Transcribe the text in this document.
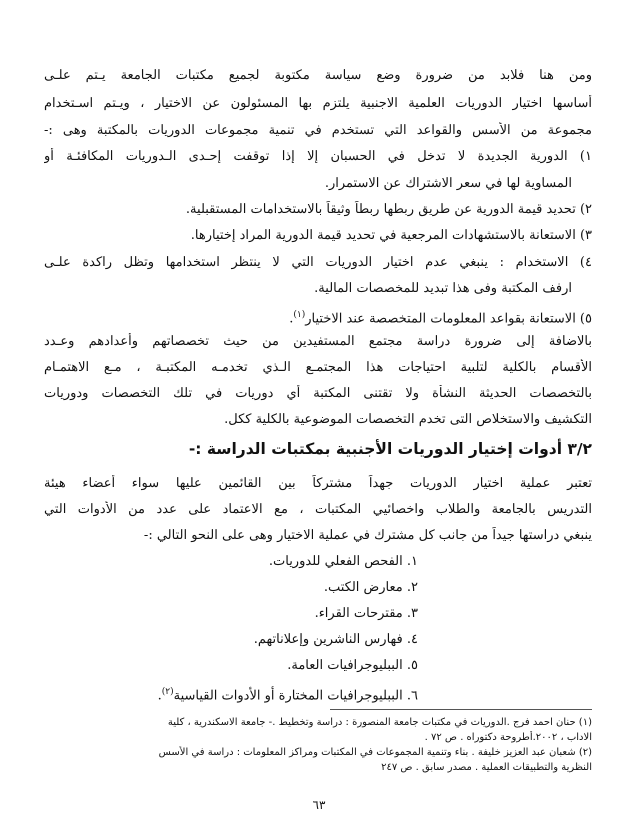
ومن هنا فلابد من ضرورة وضع سياسة مكتوبة لجميع مكتبات الجامعة يـتم علـى
أساسها اختيار الدوريات العلمية الاجنبية يلتزم بها المسئولون عن الاختيار ، ويـتم اسـتخدام
مجموعة من الأسس والقواعد التي تستخدم في تنمية مجموعات الدوريات بالمكتبة وهى :-
١) الدورية الجديدة لا تدخل في الحسبان إلا إذا توقفت إحـدى الـدوريات المكافئـة أو
المساوية لها في سعر الاشتراك عن الاستمرار.
٢) تحديد قيمة الدورية عن طريق ربطها ربطاً وثيقاً بالاستخدامات المستقبلية.
٣) الاستعانة بالاستشهادات المرجعية في تحديد قيمة الدورية المراد إختيارها.
٤) الاستخدام : ينبغي عدم اختيار الدوريات التي لا ينتظر استخدامها وتظل راكدة علـى
ارفف المكتبة وفى هذا تبديد للمخصصات المالية.
٥) الاستعانة بقواعد المعلومات المتخصصة عند الاختيار$^{(١)}$.
بالاضافة إلى ضرورة دراسة مجتمع المستفيدين من حيث تخصصاتهم وأعدادهم وعـدد
الأقسام بالكلية لتلبية احتياجات هذا المجتمـع الـذي تخدمـه المكتبـة ، مـع الاهتمـام
بالتخصصات الحديثة النشأة ولا تقتنى المكتبة أي دوريات في تلك التخصصات ودوريات
التكشيف والاستخلاص التى تخدم التخصصات الموضوعية بالكلية ككل.
٣/٢ أدوات إختيار الدوريات الأجنبية بمكتبات الدراسة :-
تعتبر عملية اختيار الدوريات جهداً مشتركاً بين القائمين عليها سواء أعضاء هيئة
التدريس بالجامعة والطلاب واخصائيي المكتبات ، مع الاعتماد على عدد من الأدوات التي
ينبغي دراستها جيداً من جانب كل مشترك في عملية الاختيار وهى على النحو التالي :-
١. الفحص الفعلي للدوريات.
٢. معارض الكتب.
٣. مقترحات القراء.
٤. فهارس الناشرين وإعلاناتهم.
٥. الببليوجرافيات العامة.
٦. الببليوجرافيات المختارة أو الأدوات القياسية$^{(٢)}$.
(١) حنان احمد فرج .الدوريات في مكتبات جامعة المنصورة : دراسة وتخطيط .- جامعة الاسكندرية ، كلية
الاداب ، ٢٠٠٢.أطروحة دكتوراه . ص ٧٢ .
(٢) شعبان عبد العزيز خليفة . بناء وتنمية المجموعات في المكتبات ومراكز المعلومات : دراسة في الأسس
النظرية والتطبيقات العملية . مصدر سابق . ص ٢٤٧
٦٣
